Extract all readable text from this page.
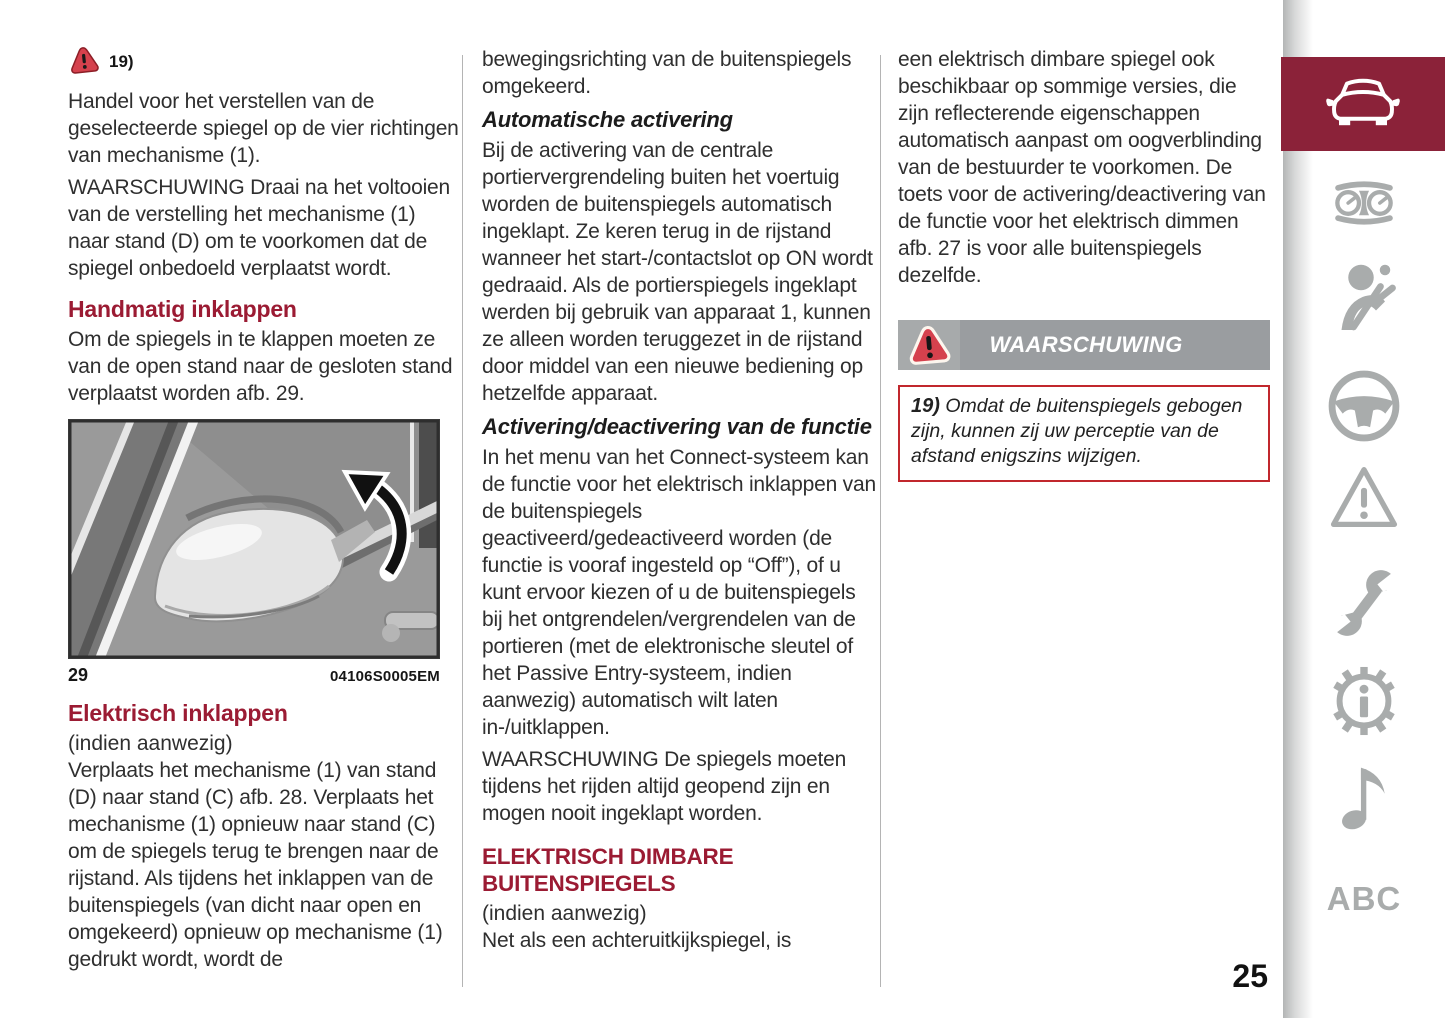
19)

Handel voor het verstellen van de geselecteerde spiegel op de vier richtingen van mechanisme (1).

WAARSCHUWING Draai na het voltooien van de verstelling het mechanisme (1) naar stand (D) om te voorkomen dat de spiegel onbedoeld verplaatst wordt.

Handmatig inklappen

Om de spiegels in te klappen moeten ze van de open stand naar de gesloten stand verplaatst worden afb. 29.

29	04106S0005EM
Elektrisch inklappen

(indien aanwezig)

Verplaats het mechanisme (1) van stand (D) naar stand (C) afb. 28. Verplaats het mechanisme (1) opnieuw naar stand (C) om de spiegels terug te brengen naar de rijstand. Als tijdens het inklappen van de buitenspiegels (van dicht naar open en omgekeerd) opnieuw op mechanisme (1) gedrukt wordt, wordt de

bewegingsrichting van de buitenspiegels omgekeerd.

Automatische activering

Bij de activering van de centrale portiervergrendeling buiten het voertuig worden de buitenspiegels automatisch ingeklapt. Ze keren terug in de rijstand wanneer het start-/contactslot op ON wordt gedraaid. Als de portierspiegels ingeklapt werden bij gebruik van apparaat 1, kunnen ze alleen worden teruggezet in de rijstand door middel van een nieuwe bediening op hetzelfde apparaat.

Activering/deactivering van de functie

In het menu van het Connect-systeem kan de functie voor het elektrisch inklappen van de buitenspiegels geactiveerd/gedeactiveerd worden (de functie is vooraf ingesteld op “Off”), of u kunt ervoor kiezen of u de buitenspiegels bij het ontgrendelen/vergrendelen van de portieren (met de elektronische sleutel of het Passive Entry-systeem, indien aanwezig) automatisch wilt laten in-/uitklappen.

WAARSCHUWING De spiegels moeten tijdens het rijden altijd geopend zijn en mogen nooit ingeklapt worden.

ELEKTRISCH DIMBARE BUITENSPIEGELS

(indien aanwezig)

Net als een achteruitkijkspiegel, is

een elektrisch dimbare spiegel ook beschikbaar op sommige versies, die zijn reflecterende eigenschappen automatisch aanpast om oogverblinding van de bestuurder te voorkomen. De toets voor de activering/deactivering van de functie voor het elektrisch dimmen afb. 27 is voor alle buitenspiegels dezelfde.

WAARSCHUWING
19) Omdat de buitenspiegels gebogen zijn, kunnen zij uw perceptie van de afstand enigszins wijzigen.
ABC
25
